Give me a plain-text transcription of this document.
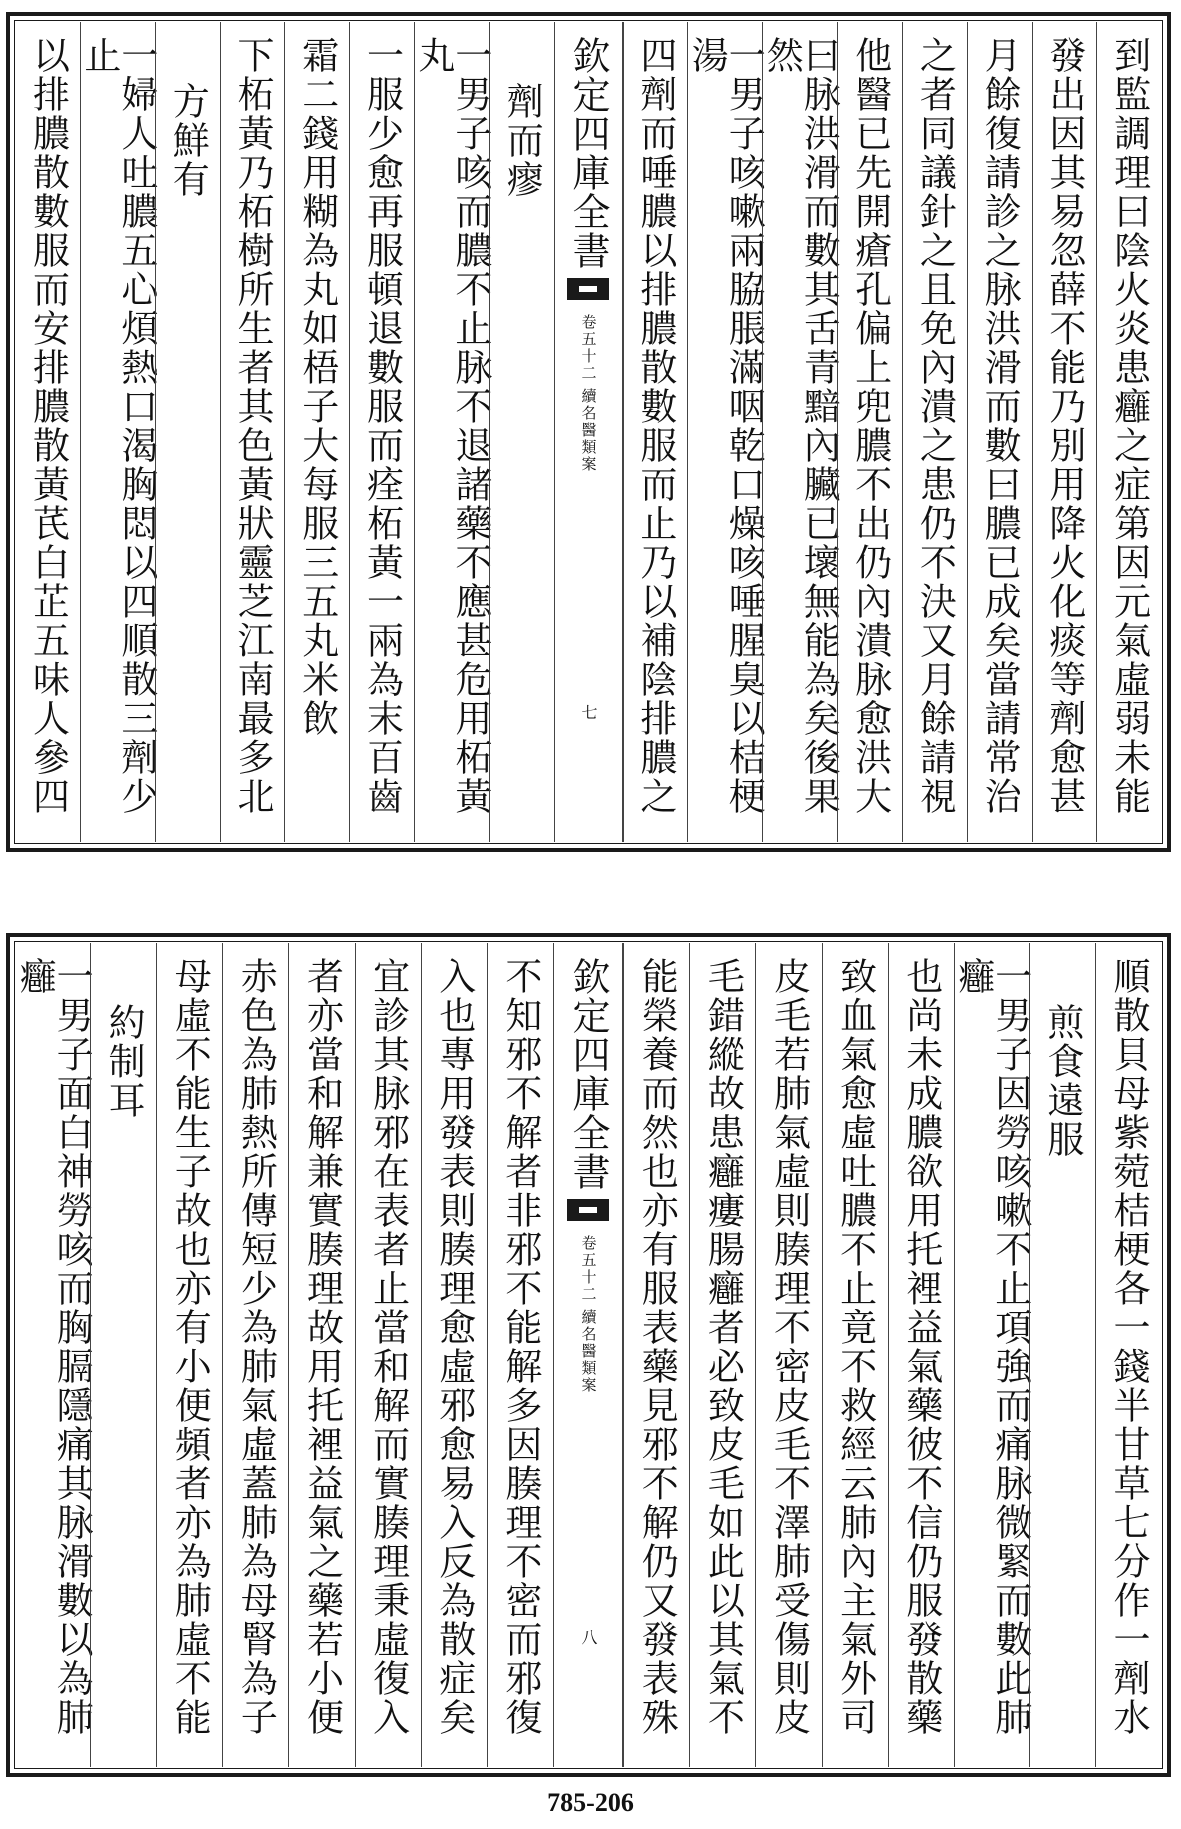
到監調理曰陰火炎患癰之症第因元氣虛弱未能
發出因其易忽薛不能乃別用降火化痰等劑愈甚
月餘復請診之脉洪滑而數曰膿已成矣當請常治
之者同議針之且免內潰之患仍不決又月餘請視
他醫已先開瘡孔偏上兜膿不出仍內潰脉愈洪大
曰脉洪滑而數其舌青黯內臟已壞無能為矣後果然
一男子咳嗽兩脇脹滿咽乾口燥咳唾腥臭以桔梗湯
四劑而唾膿以排膿散數服而止乃以補陰排膿之
欽定四庫全書
續名醫類案
卷五十二
七
劑而瘳
一男子咳而膿不止脉不退諸藥不應甚危用柘黃丸
一服少愈再服頓退數服而痊柘黃一兩為末百齒
霜二錢用糊為丸如梧子大每服三五丸米飲
下柘黃乃柘樹所生者其色黃狀靈芝江南最多北
方鮮有
一婦人吐膿五心煩熱口渴胸悶以四順散三劑少止
以排膿散數服而安排膿散黃芪白芷五味人參四
順散貝母紫菀桔梗各一錢半甘草七分作一劑水
煎食遠服
一男子因勞咳嗽不止項強而痛脉微緊而數此肺癰
也尚未成膿欲用托裡益氣藥彼不信仍服發散藥
致血氣愈虛吐膿不止竟不救經云肺內主氣外司
皮毛若肺氣虛則腠理不密皮毛不澤肺受傷則皮
毛錯縱故患癰瘻腸癰者必致皮毛如此以其氣不
能榮養而然也亦有服表藥見邪不解仍又發表殊
欽定四庫全書
續名醫類案
卷五十二
八
不知邪不解者非邪不能解多因腠理不密而邪復
入也專用發表則腠理愈虛邪愈易入反為散症矣
宜診其脉邪在表者止當和解而實腠理秉虛復入
者亦當和解兼實腠理故用托裡益氣之藥若小便
赤色為肺熱所傳短少為肺氣虛蓋肺為母腎為子
母虛不能生子故也亦有小便頻者亦為肺虛不能
約制耳
一男子面白神勞咳而胸膈隱痛其脉滑數以為肺癰
785-206
